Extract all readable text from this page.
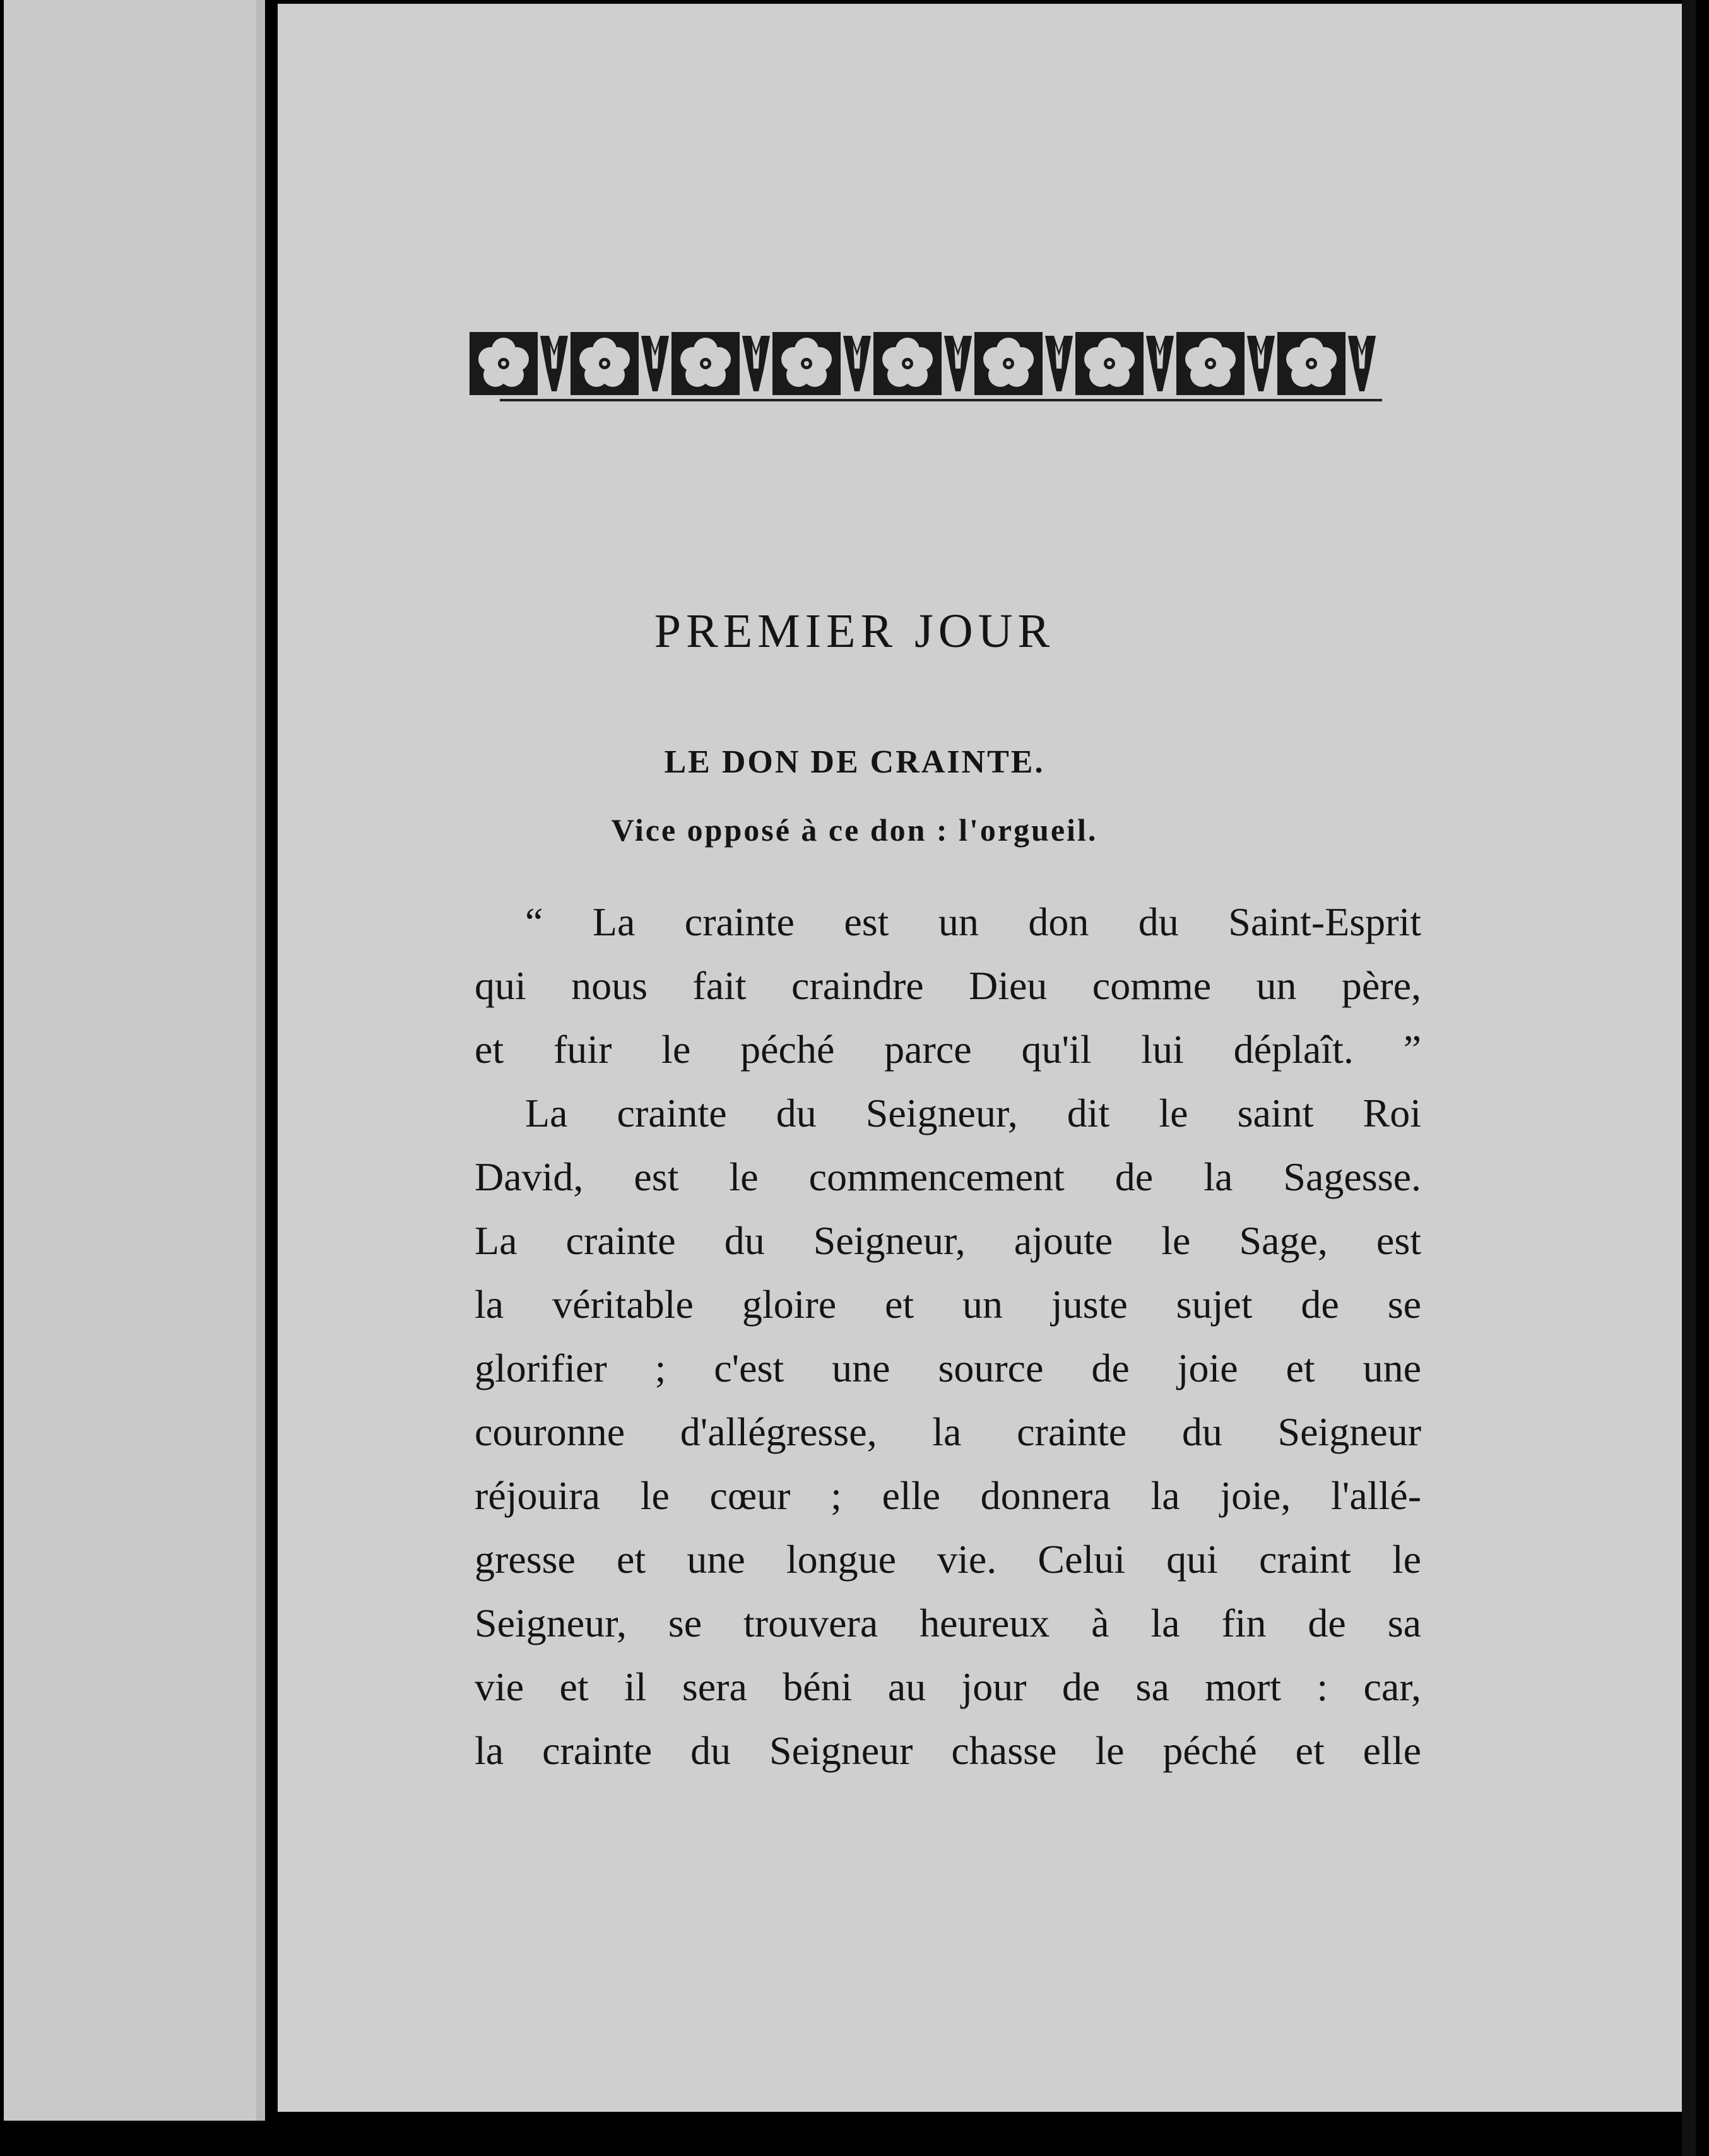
PREMIER JOUR
LE DON DE CRAINTE.
Vice opposé à ce don : l'orgueil.
“ La crainte est un don du Saint-Esprit
qui nous fait craindre Dieu comme un père,
et fuir le péché parce qu'il lui déplaît. ”
La crainte du Seigneur, dit le saint Roi
David, est le commencement de la Sagesse.
La crainte du Seigneur, ajoute le Sage, est
la véritable gloire et un juste sujet de se
glorifier ; c'est une source de joie et une
couronne d'allégresse, la crainte du Seigneur
réjouira le cœur ; elle donnera la joie, l'allé-
gresse et une longue vie. Celui qui craint le
Seigneur, se trouvera heureux à la fin de sa
vie et il sera béni au jour de sa mort : car,
la crainte du Seigneur chasse le péché et elle
